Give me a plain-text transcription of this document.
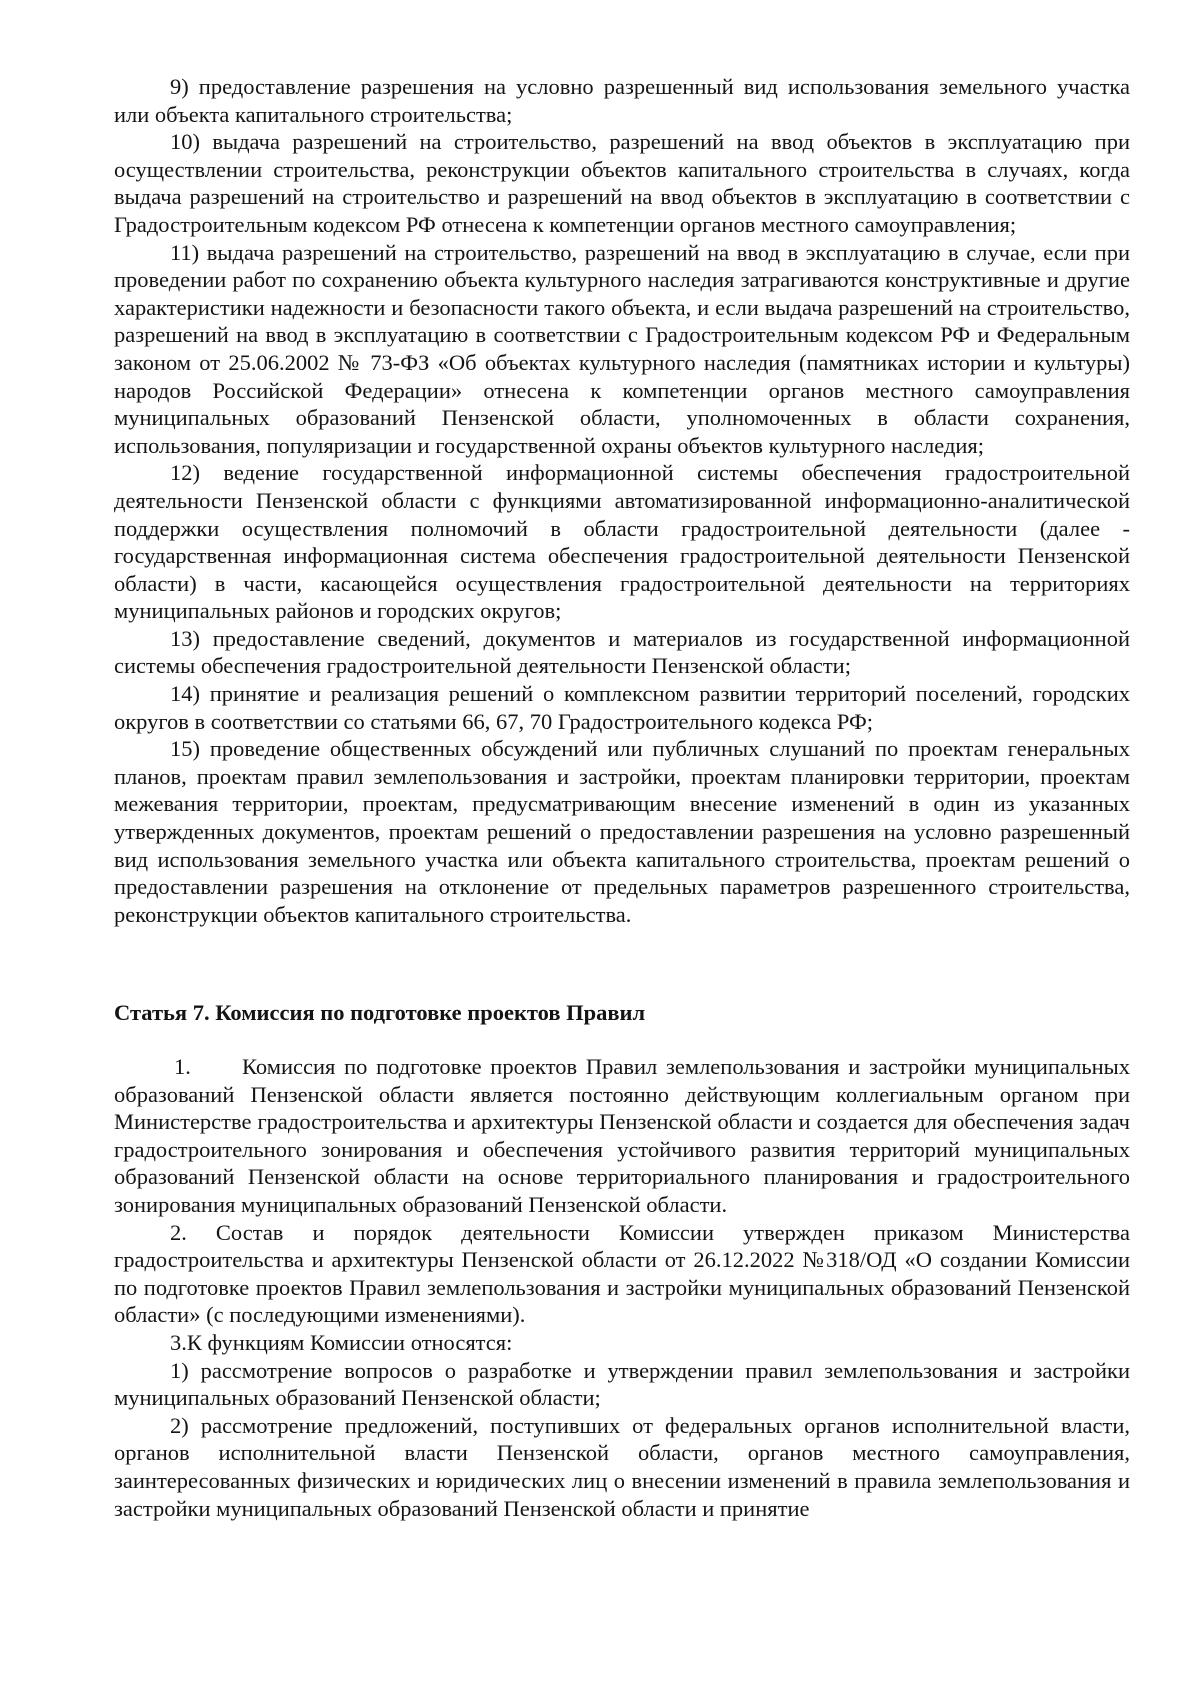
9) предоставление разрешения на условно разрешенный вид использования земельного участка или объекта капитального строительства;

10) выдача разрешений на строительство, разрешений на ввод объектов в эксплуатацию при осуществлении строительства, реконструкции объектов капитального строительства в случаях, когда выдача разрешений на строительство и разрешений на ввод объектов в эксплуатацию в соответствии с Градостроительным кодексом РФ отнесена к компетенции органов местного самоуправления;

11) выдача разрешений на строительство, разрешений на ввод в эксплуатацию в случае, если при проведении работ по сохранению объекта культурного наследия затрагиваются конструктивные и другие характеристики надежности и безопасности такого объекта, и если выдача разрешений на строительство, разрешений на ввод в эксплуатацию в соответствии с Градостроительным кодексом РФ и Федеральным законом от 25.06.2002 № 73-ФЗ «Об объектах культурного наследия (памятниках истории и культуры) народов Российской Федерации» отнесена к компетенции органов местного самоуправления муниципальных образований Пензенской области, уполномоченных в области сохранения, использования, популяризации и государственной охраны объектов культурного наследия;

12) ведение государственной информационной системы обеспечения градостроительной деятельности Пензенской области с функциями автоматизированной информационно-аналитической поддержки осуществления полномочий в области градостроительной деятельности (далее - государственная информационная система обеспечения градостроительной деятельности Пензенской области) в части, касающейся осуществления градостроительной деятельности на территориях муниципальных районов и городских округов;

13) предоставление сведений, документов и материалов из государственной информационной системы обеспечения градостроительной деятельности Пензенской области;

14) принятие и реализация решений о комплексном развитии территорий поселений, городских округов в соответствии со статьями 66, 67, 70 Градостроительного кодекса РФ;

15) проведение общественных обсуждений или публичных слушаний по проектам генеральных планов, проектам правил землепользования и застройки, проектам планировки территории, проектам межевания территории, проектам, предусматривающим внесение изменений в один из указанных утвержденных документов, проектам решений о предоставлении разрешения на условно разрешенный вид использования земельного участка или объекта капитального строительства, проектам решений о предоставлении разрешения на отклонение от предельных параметров разрешенного строительства, реконструкции объектов капитального строительства.

Статья 7. Комиссия по подготовке проектов Правил

1. Комиссия по подготовке проектов Правил землепользования и застройки муниципальных образований Пензенской области является постоянно действующим коллегиальным органом при Министерстве градостроительства и архитектуры Пензенской области и создается для обеспечения задач градостроительного зонирования и обеспечения устойчивого развития территорий муниципальных образований Пензенской области на основе территориального планирования и градостроительного зонирования муниципальных образований Пензенской области.

2. Состав и порядок деятельности Комиссии утвержден приказом Министерства градостроительства и архитектуры Пензенской области от 26.12.2022 №318/ОД «О создании Комиссии по подготовке проектов Правил землепользования и застройки муниципальных образований Пензенской области» (с последующими изменениями).

3.К функциям Комиссии относятся:

1) рассмотрение вопросов о разработке и утверждении правил землепользования и застройки муниципальных образований Пензенской области;

2) рассмотрение предложений, поступивших от федеральных органов исполнительной власти, органов исполнительной власти Пензенской области, органов местного самоуправления, заинтересованных физических и юридических лиц о внесении изменений в правила землепользования и застройки муниципальных образований Пензенской области и принятие
